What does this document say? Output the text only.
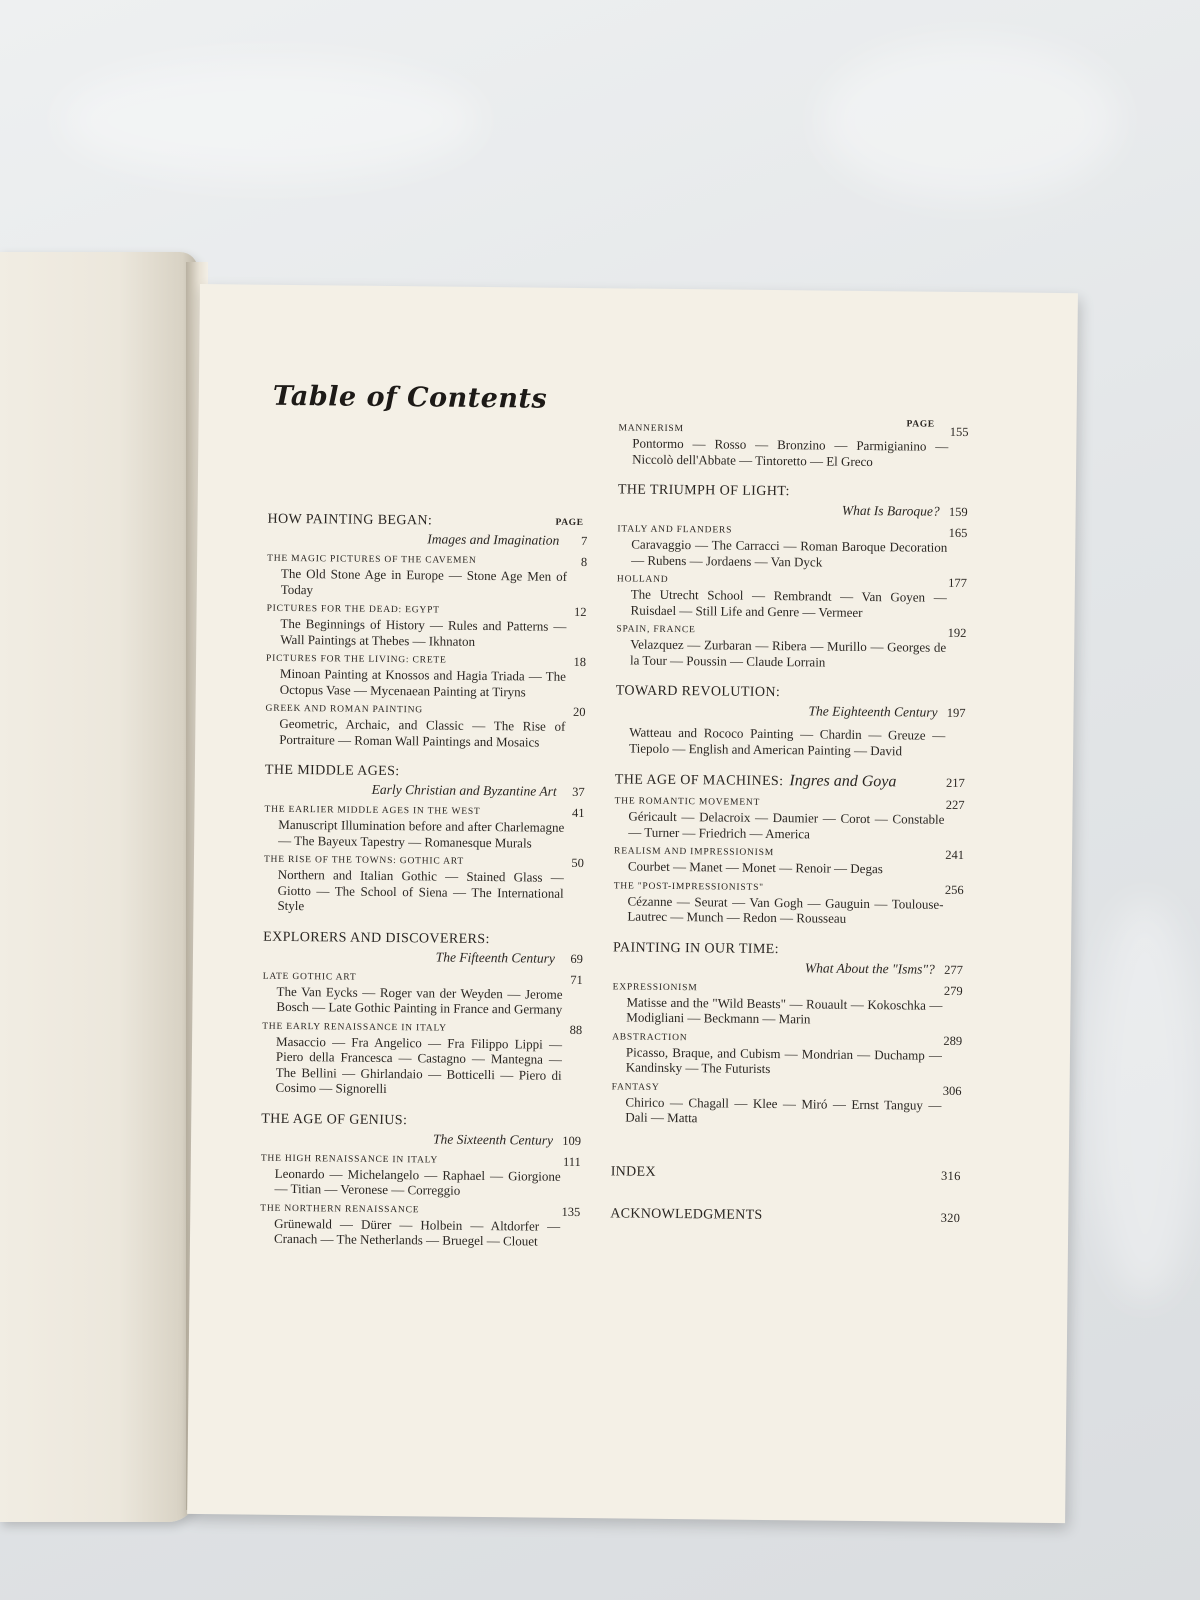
Table of Contents
PAGE
PAGE
HOW PAINTING BEGAN:
Images and Imagination	7
THE MAGIC PICTURES OF THE CAVEMEN	8
The Old Stone Age in Europe — Stone Age Men of Today
PICTURES FOR THE DEAD: EGYPT	12
The Beginnings of History — Rules and Patterns — Wall Paintings at Thebes — Ikhnaton
PICTURES FOR THE LIVING: CRETE	18
Minoan Painting at Knossos and Hagia Triada — The Octopus Vase — Mycenaean Painting at Tiryns
GREEK AND ROMAN PAINTING	20
Geometric, Archaic, and Classic — The Rise of Portraiture — Roman Wall Paintings and Mosaics
THE MIDDLE AGES:
Early Christian and Byzantine Art	37
THE EARLIER MIDDLE AGES IN THE WEST	41
Manuscript Illumination before and after Charlemagne — The Bayeux Tapestry — Romanesque Murals
THE RISE OF THE TOWNS: GOTHIC ART	50
Northern and Italian Gothic — Stained Glass — Giotto — The School of Siena — The International Style
EXPLORERS AND DISCOVERERS:
The Fifteenth Century	69
LATE GOTHIC ART	71
The Van Eycks — Roger van der Weyden — Jerome Bosch — Late Gothic Painting in France and Germany
THE EARLY RENAISSANCE IN ITALY	88
Masaccio — Fra Angelico — Fra Filippo Lippi — Piero della Francesca — Castagno — Mantegna — The Bellini — Ghirlandaio — Botticelli — Piero di Cosimo — Signorelli
THE AGE OF GENIUS:
The Sixteenth Century 109
THE HIGH RENAISSANCE IN ITALY	111
Leonardo — Michelangelo — Raphael — Giorgione — Titian — Veronese — Correggio
THE NORTHERN RENAISSANCE	135
Grünewald — Dürer — Holbein — Altdorfer — Cranach — The Netherlands — Bruegel — Clouet
MANNERISM	155
Pontormo — Rosso — Bronzino — Parmigianino — Niccolò dell'Abbate — Tintoretto — El Greco
THE TRIUMPH OF LIGHT:
What Is Baroque? 159
ITALY AND FLANDERS	165
Caravaggio — The Carracci — Roman Baroque Decoration — Rubens — Jordaens — Van Dyck
HOLLAND	177
The Utrecht School — Rembrandt — Van Goyen — Ruisdael — Still Life and Genre — Vermeer
SPAIN, FRANCE	192
Velazquez — Zurbaran — Ribera — Murillo — Georges de la Tour — Poussin — Claude Lorrain
TOWARD REVOLUTION:
The Eighteenth Century 197
Watteau and Rococo Painting — Chardin — Greuze — Tiepolo — English and American Painting — David
THE AGE OF MACHINES: Ingres and Goya	217
THE ROMANTIC MOVEMENT	227
Géricault — Delacroix — Daumier — Corot — Constable — Turner — Friedrich — America
REALISM AND IMPRESSIONISM	241
Courbet — Manet — Monet — Renoir — Degas
THE "POST-IMPRESSIONISTS"	256
Cézanne — Seurat — Van Gogh — Gauguin — Toulouse-Lautrec — Munch — Redon — Rousseau
PAINTING IN OUR TIME:
What About the "Isms"? 277
EXPRESSIONISM	279
Matisse and the "Wild Beasts" — Rouault — Kokoschka — Modigliani — Beckmann — Marin
ABSTRACTION	289
Picasso, Braque, and Cubism — Mondrian — Duchamp — Kandinsky — The Futurists
FANTASY	306
Chirico — Chagall — Klee — Miró — Ernst Tanguy — Dali — Matta
INDEX	316
ACKNOWLEDGMENTS	320
